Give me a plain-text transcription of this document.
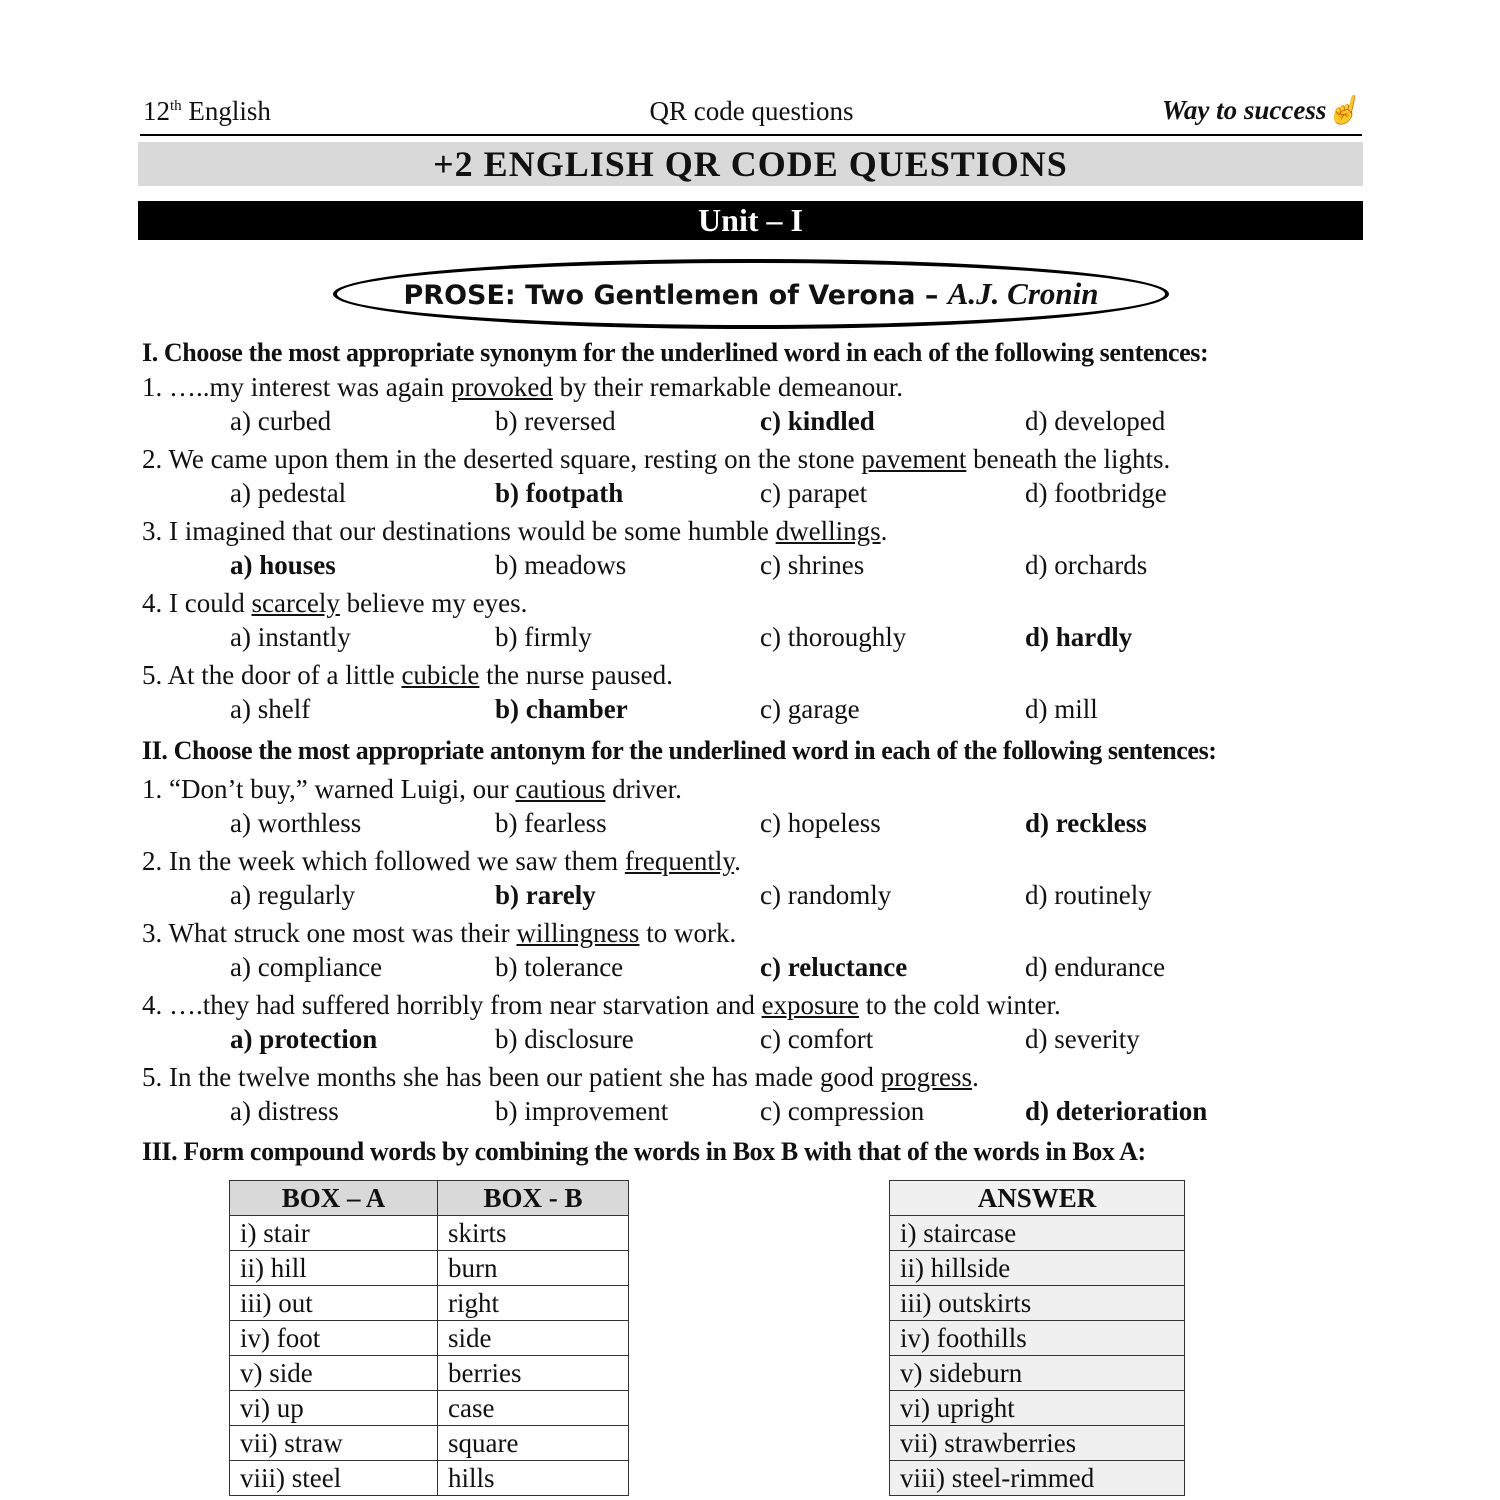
12th English	QR code questions	Way to success☝
+2 ENGLISH QR CODE QUESTIONS
Unit – I
PROSE: Two Gentlemen of Verona – A.J. Cronin
I. Choose the most appropriate synonym for the underlined word in each of the following sentences:
1. …..my interest was again provoked by their remarkable demeanour.
a) curbed	b) reversed	c) kindled	d) developed
2. We came upon them in the deserted square, resting on the stone pavement beneath the lights.
a) pedestal	b) footpath	c) parapet	d) footbridge
3. I imagined that our destinations would be some humble dwellings.
a) houses	b) meadows	c) shrines	d) orchards
4. I could scarcely believe my eyes.
a) instantly	b) firmly	c) thoroughly	d) hardly
5. At the door of a little cubicle the nurse paused.
a) shelf	b) chamber	c) garage	d) mill
II. Choose the most appropriate antonym for the underlined word in each of the following sentences:
1. “Don’t buy,” warned Luigi, our cautious driver.
a) worthless	b) fearless	c) hopeless	d) reckless
2. In the week which followed we saw them frequently.
a) regularly	b) rarely	c) randomly	d) routinely
3. What struck one most was their willingness to work.
a) compliance	b) tolerance	c) reluctance	d) endurance
4. ….they had suffered horribly from near starvation and exposure to the cold winter.
a) protection	b) disclosure	c) comfort	d) severity
5. In the twelve months she has been our patient she has made good progress.
a) distress	b) improvement	c) compression	d) deterioration
III. Form compound words by combining the words in Box B with that of the words in Box A:
BOX – A	BOX - B
i) stair	skirts
ii) hill	burn
iii) out	right
iv) foot	side
v) side	berries
vi) up	case
vii) straw	square
viii) steel	hills
ANSWER
i) staircase
ii) hillside
iii) outskirts
iv) foothills
v) sideburn
vi) upright
vii) strawberries
viii) steel-rimmed
